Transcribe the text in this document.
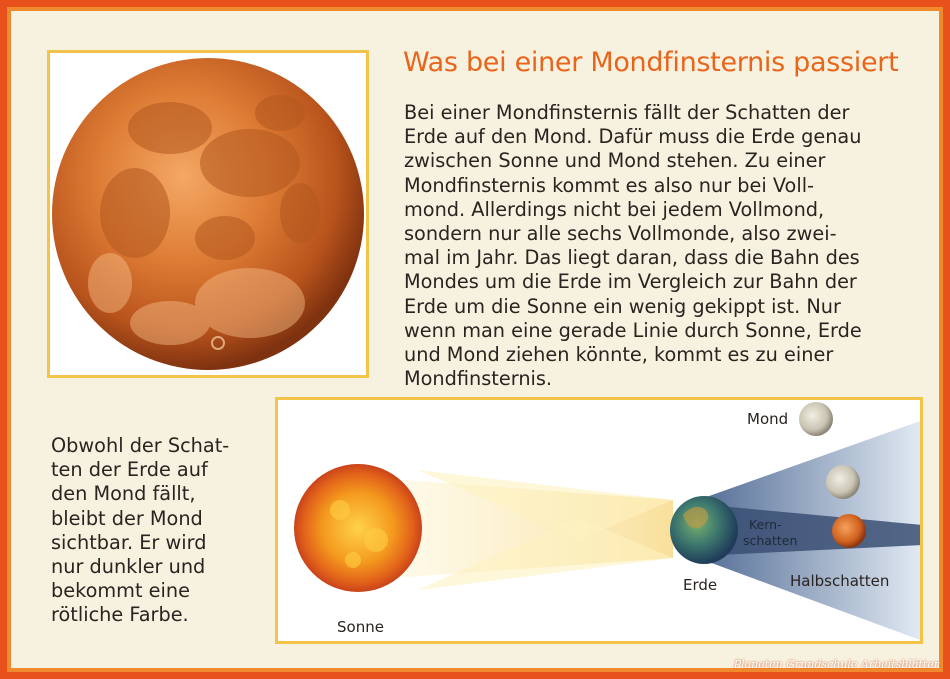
Was bei einer Mondfinsternis passiert
Bei einer Mondfinsternis fällt der Schatten der
Erde auf den Mond. Dafür muss die Erde genau
zwischen Sonne und Mond stehen. Zu einer
Mondfinsternis kommt es also nur bei Voll-
mond. Allerdings nicht bei jedem Vollmond,
sondern nur alle sechs Vollmonde, also zwei-
mal im Jahr. Das liegt daran, dass die Bahn des
Mondes um die Erde im Vergleich zur Bahn der
Erde um die Sonne ein wenig gekippt ist. Nur
wenn man eine gerade Linie durch Sonne, Erde
und Mond ziehen könnte, kommt es zu einer
Mondfinsternis.
Obwohl der Schat-
ten der Erde auf
den Mond fällt,
bleibt der Mond
sichtbar. Er wird
nur dunkler und
bekommt eine
rötliche Farbe.
Mond
Kern-
schatten
Erde	Halbschatten
Sonne
Planeten Grundschule Arbeitsblätter
